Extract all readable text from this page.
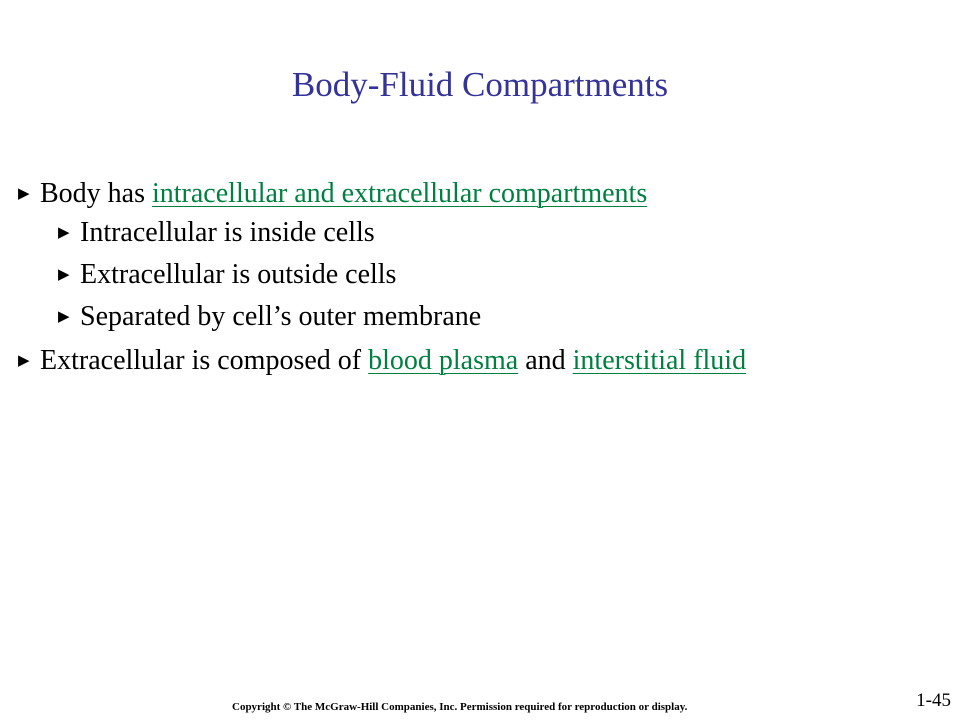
Body-Fluid Compartments
▶ Body has intracellular and extracellular compartments
▶ Intracellular is inside cells
▶ Extracellular is outside cells
▶ Separated by cell’s outer membrane
▶ Extracellular is composed of blood plasma and interstitial fluid
Copyright © The McGraw-Hill Companies, Inc. Permission required for reproduction or display.	1-45
